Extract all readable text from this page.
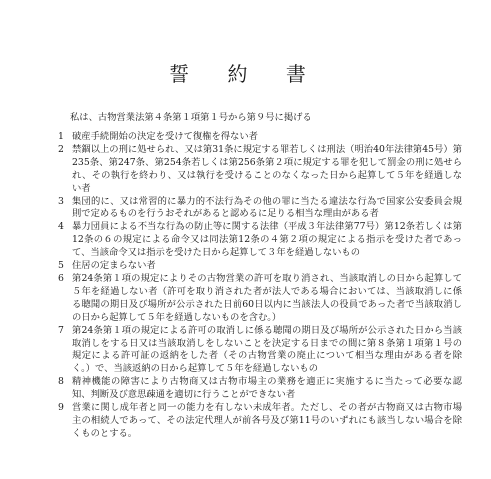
誓 約 書

私は、古物営業法第４条第１項第１号から第９号に掲げる

1 破産手続開始の決定を受けて復権を得ない者
2 禁錮以上の刑に処せられ、又は第31条に規定する罪若しくは刑法（明治40年法律第45号）第235条、第247条、第254条若しくは第256条第２項に規定する罪を犯して罰金の刑に処せられ、その執行を終わり、又は執行を受けることのなくなった日から起算して５年を経過しない者
3 集団的に、又は常習的に暴力的不法行為その他の罪に当たる違法な行為で国家公安委員会規則で定めるものを行うおそれがあると認めるに足りる相当な理由がある者
4 暴力団員による不当な行為の防止等に関する法律（平成３年法律第77号）第12条若しくは第12条の６の規定による命令又は同法第12条の４第２項の規定による指示を受けた者であって、当該命令又は指示を受けた日から起算して３年を経過しないもの
5 住居の定まらない者
6 第24条第１項の規定によりその古物営業の許可を取り消され、当該取消しの日から起算して５年を経過しない者（許可を取り消された者が法人である場合においては、当該取消しに係る聴聞の期日及び場所が公示された日前60日以内に当該法人の役員であった者で当該取消しの日から起算して５年を経過しないものを含む。）
7 第24条第１項の規定による許可の取消しに係る聴聞の期日及び場所が公示された日から当該取消しをする日又は当該取消しをしないことを決定する日までの間に第８条第１項第１号の規定による許可証の返納をした者（その古物営業の廃止について相当な理由がある者を除く。）で、当該返納の日から起算して５年を経過しないもの
8 精神機能の障害により古物商又は古物市場主の業務を適正に実施するに当たって必要な認知、判断及び意思疎通を適切に行うことができない者
9 営業に関し成年者と同一の能力を有しない未成年者。ただし、その者が古物商又は古物市場主の相続人であって、その法定代理人が前各号及び第11号のいずれにも該当しない場合を除くものとする。
